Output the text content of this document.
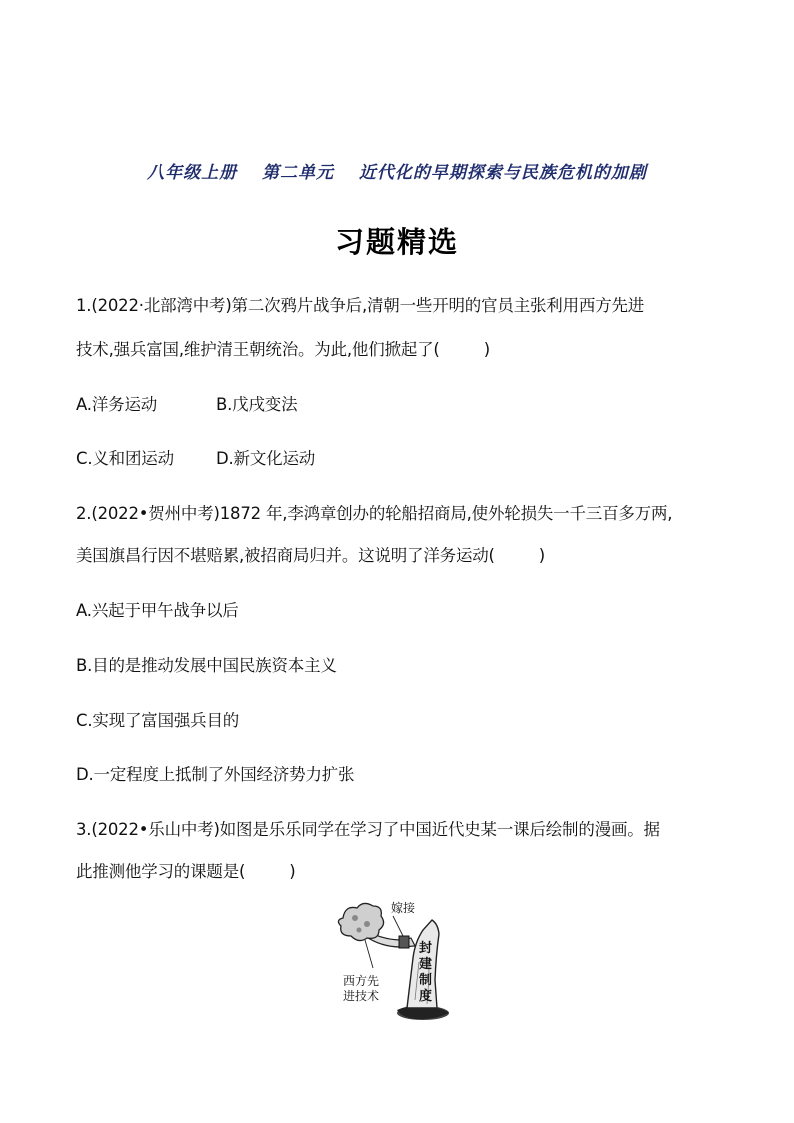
八年级上册 第二单元 近代化的早期探索与民族危机的加剧
习题精选
1.(2022·北部湾中考)第二次鸦片战争后,清朝一些开明的官员主张利用西方先进
技术,强兵富国,维护清王朝统治。为此,他们掀起了(	)
A.洋务运动	B.戊戌变法
C.义和团运动	D.新文化运动
2.(2022•贺州中考)1872 年,李鸿章创办的轮船招商局,使外轮损失一千三百多万两,
美国旗昌行因不堪赔累,被招商局归并。这说明了洋务运动(	)
A.兴起于甲午战争以后
B.目的是推动发展中国民族资本主义
C.实现了富国强兵目的
D.一定程度上抵制了外国经济势力扩张
3.(2022•乐山中考)如图是乐乐同学在学习了中国近代史某一课后绘制的漫画。据
此推测他学习的课题是(	)
嫁接
西方先
进技术
封
建
制
度
